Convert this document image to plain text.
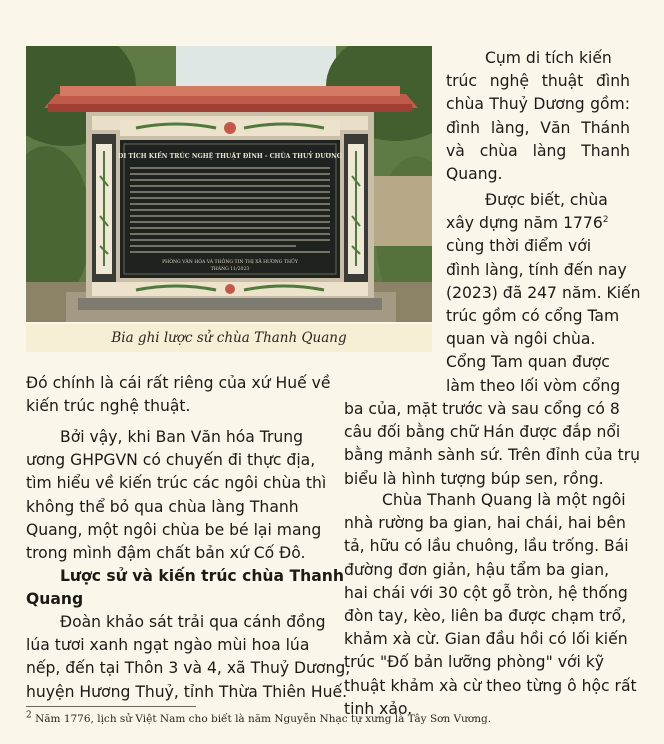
DI TÍCH KIẾN TRÚC NGHỆ THUẬT ĐÌNH - CHÙA THUỶ DƯƠNG
PHÒNG VĂN HÓA VÀ THÔNG TIN THỊ XÃ HƯƠNG THỦY
THÁNG 11/2023
Bia ghi lược sử chùa Thanh Quang
Cụm di tích kiến
trúc nghệ thuật đình
chùa Thuỷ Dương gồm:
đình làng, Văn Thánh
và chùa làng Thanh
Quang.
Được biết, chùa
xây dựng năm 1776$^2$
cùng thời điểm với
đình làng, tính đến nay
(2023) đã 247 năm. Kiến
trúc gồm có cổng Tam
quan và ngôi chùa.
Cổng Tam quan được
làm theo lối vòm cổng
ba của, mặt trước và sau cổng có 8
câu đối bằng chữ Hán được đắp nổi
bằng mảnh sành sứ. Trên đỉnh của trụ
biểu là hình tượng búp sen, rồng.
Chùa Thanh Quang là một ngôi
nhà rường ba gian, hai chái, hai bên
tả, hữu có lầu chuông, lầu trống. Bái
đường đơn giản, hậu tẩm ba gian,
hai chái với 30 cột gỗ tròn, hệ thống
đòn tay, kèo, liên ba được chạm trổ,
khảm xà cừ. Gian đầu hồi có lối kiến
trúc "Đố bản lưỡng phòng" với kỹ
thuật khảm xà cừ theo từng ô hộc rất
tinh xảo.
Đó chính là cái rất riêng của xứ Huế về
kiến trúc nghệ thuật.
Bởi vậy, khi Ban Văn hóa Trung
ương GHPGVN có chuyến đi thực địa,
tìm hiểu về kiến trúc các ngôi chùa thì
không thể bỏ qua chùa làng Thanh
Quang, một ngôi chùa be bé lại mang
trong mình đậm chất bản xứ Cố Đô.
Lược sử và kiến trúc chùa Thanh
Quang
Đoàn khảo sát trải qua cánh đồng
lúa tươi xanh ngạt ngào mùi hoa lúa
nếp, đến tại Thôn 3 và 4, xã Thuỷ Dương,
huyện Hương Thuỷ, tỉnh Thừa Thiên Huế.
$^2$ Năm 1776, lịch sử Việt Nam cho biết là năm Nguyễn Nhạc tự xưng là Tây Sơn Vương.
